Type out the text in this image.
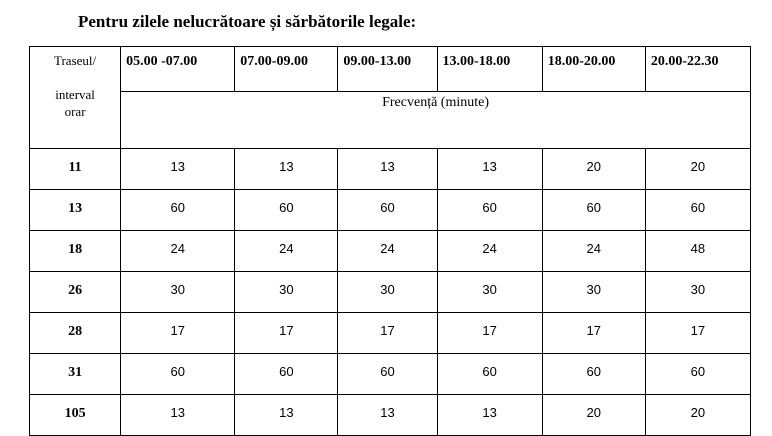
Pentru zilele nelucrătoare și sărbătorile legale:
Traseul/
interval
orar	05.00 -07.00	07.00-09.00	09.00-13.00	13.00-18.00	18.00-20.00	20.00-22.30
	Frecvență (minute)					
11	13	13	13	13	20	20
13	60	60	60	60	60	60
18	24	24	24	24	24	48
26	30	30	30	30	30	30
28	17	17	17	17	17	17
31	60	60	60	60	60	60
105	13	13	13	13	20	20
